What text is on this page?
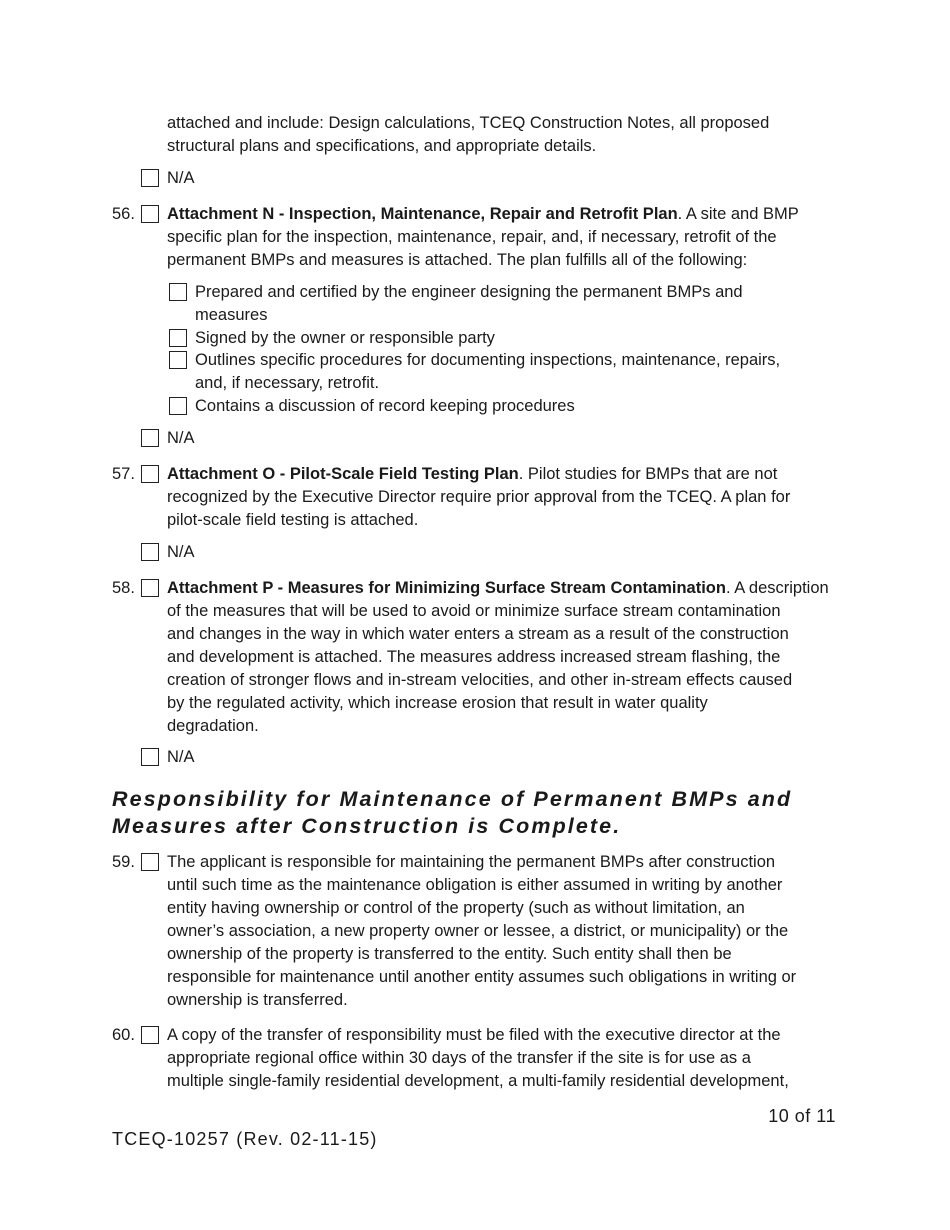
attached and include: Design calculations, TCEQ Construction Notes, all proposed

structural plans and specifications, and appropriate details.

N/A

56. Attachment N - Inspection, Maintenance, Repair and Retrofit Plan. A site and BMP

specific plan for the inspection, maintenance, repair, and, if necessary, retrofit of the

permanent BMPs and measures is attached. The plan fulfills all of the following:

Prepared and certified by the engineer designing the permanent BMPs and

measures

Signed by the owner or responsible party

Outlines specific procedures for documenting inspections, maintenance, repairs,

and, if necessary, retrofit.

Contains a discussion of record keeping procedures

N/A

57. Attachment O - Pilot-Scale Field Testing Plan. Pilot studies for BMPs that are not

recognized by the Executive Director require prior approval from the TCEQ. A plan for

pilot-scale field testing is attached.

N/A

58. Attachment P - Measures for Minimizing Surface Stream Contamination. A description

of the measures that will be used to avoid or minimize surface stream contamination

and changes in the way in which water enters a stream as a result of the construction

and development is attached. The measures address increased stream flashing, the

creation of stronger flows and in-stream velocities, and other in-stream effects caused

by the regulated activity, which increase erosion that result in water quality

degradation.

N/A

Responsibility for Maintenance of Permanent BMPs and
Measures after Construction is Complete.
59. The applicant is responsible for maintaining the permanent BMPs after construction

until such time as the maintenance obligation is either assumed in writing by another

entity having ownership or control of the property (such as without limitation, an

owner’s association, a new property owner or lessee, a district, or municipality) or the

ownership of the property is transferred to the entity. Such entity shall then be

responsible for maintenance until another entity assumes such obligations in writing or

ownership is transferred.

60. A copy of the transfer of responsibility must be filed with the executive director at the

appropriate regional office within 30 days of the transfer if the site is for use as a

multiple single-family residential development, a multi-family residential development,

10 of 11
TCEQ-10257 (Rev. 02-11-15)
